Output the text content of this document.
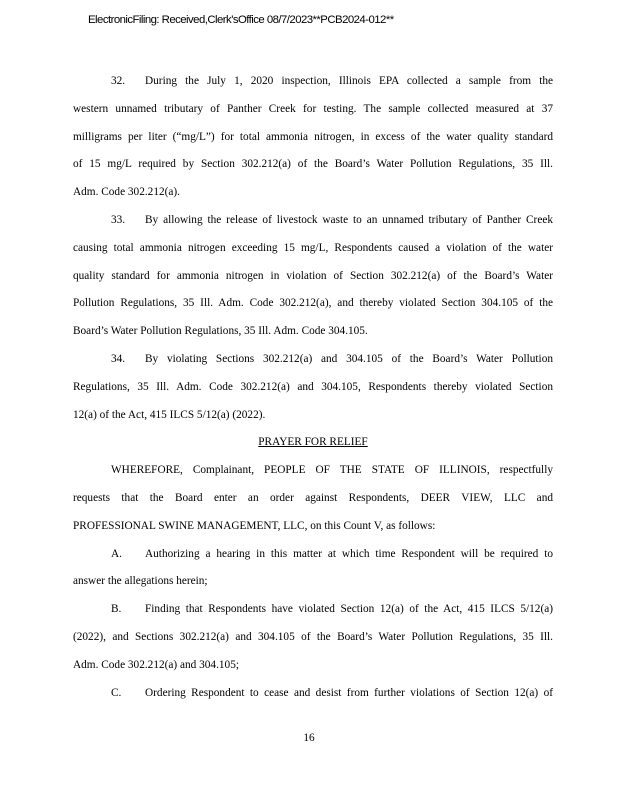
ElectronicFiling: Received,Clerk'sOffice 08/7/2023**PCB2024-012**
32. During the July 1, 2020 inspection, Illinois EPA collected a sample from the
western unnamed tributary of Panther Creek for testing. The sample collected measured at 37
milligrams per liter (“mg/L”) for total ammonia nitrogen, in excess of the water quality standard
of 15 mg/L required by Section 302.212(a) of the Board’s Water Pollution Regulations, 35 Ill.
Adm. Code 302.212(a).
33. By allowing the release of livestock waste to an unnamed tributary of Panther Creek
causing total ammonia nitrogen exceeding 15 mg/L, Respondents caused a violation of the water
quality standard for ammonia nitrogen in violation of Section 302.212(a) of the Board’s Water
Pollution Regulations, 35 Ill. Adm. Code 302.212(a), and thereby violated Section 304.105 of the
Board’s Water Pollution Regulations, 35 Ill. Adm. Code 304.105.
34. By violating Sections 302.212(a) and 304.105 of the Board’s Water Pollution
Regulations, 35 Ill. Adm. Code 302.212(a) and 304.105, Respondents thereby violated Section
12(a) of the Act, 415 ILCS 5/12(a) (2022).
PRAYER FOR RELIEF
WHEREFORE, Complainant, PEOPLE OF THE STATE OF ILLINOIS, respectfully
requests that the Board enter an order against Respondents, DEER VIEW, LLC and
PROFESSIONAL SWINE MANAGEMENT, LLC, on this Count V, as follows:
A. Authorizing a hearing in this matter at which time Respondent will be required to
answer the allegations herein;
B. Finding that Respondents have violated Section 12(a) of the Act, 415 ILCS 5/12(a)
(2022), and Sections 302.212(a) and 304.105 of the Board’s Water Pollution Regulations, 35 Ill.
Adm. Code 302.212(a) and 304.105;
C. Ordering Respondent to cease and desist from further violations of Section 12(a) of
16
